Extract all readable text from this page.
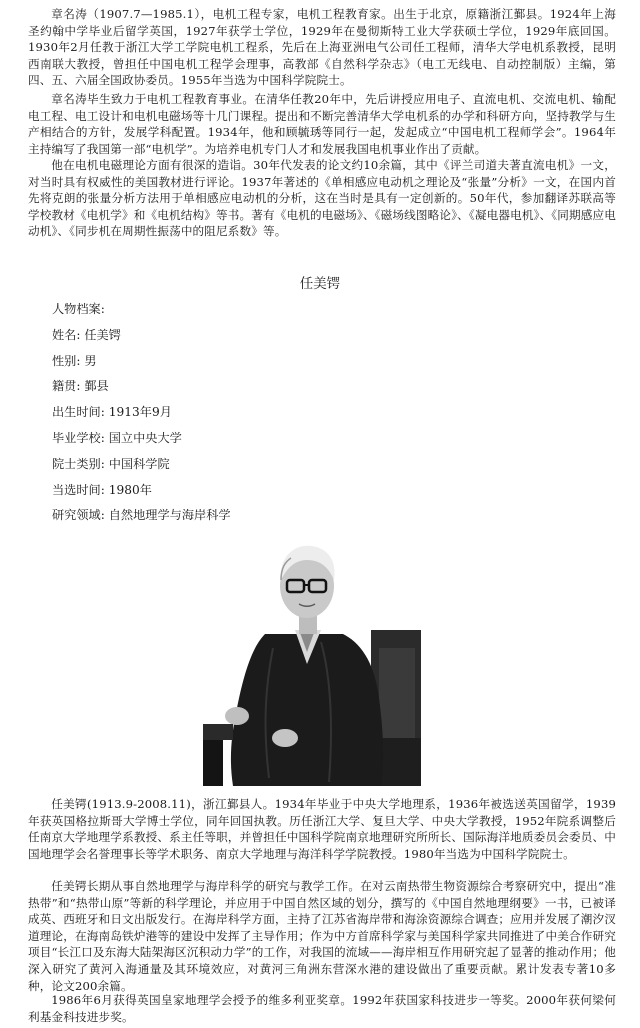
章名涛（1907.7—1985.1），电机工程专家，电机工程教育家。出生于北京，原籍浙江鄞县。1924年上海圣约翰中学毕业后留学英国，1927年获学士学位，1929年在曼彻斯特工业大学获硕士学位，1929年底回国。1930年2月任教于浙江大学工学院电机工程系，先后在上海亚洲电气公司任工程师，清华大学电机系教授，昆明西南联大教授，曾担任中国电机工程学会理事，高教部《自然科学杂志》（电工无线电、自动控制版）主编，第四、五、六届全国政协委员。1955年当选为中国科学院院士。

章名涛毕生致力于电机工程教育事业。在清华任教20年中，先后讲授应用电子、直流电机、交流电机、输配电工程、电工设计和电机电磁场等十几门课程。提出和不断完善清华大学电机系的办学和科研方向，坚持教学与生产相结合的方针，发展学科配置。1934年，他和顾毓琇等同行一起，发起成立“中国电机工程师学会”。1964年主持编写了我国第一部“电机学”。为培养电机专门人才和发展我国电机事业作出了贡献。

他在电机电磁理论方面有很深的造诣。30年代发表的论文约10余篇，其中《评兰司道夫著直流电机》一文，对当时具有权威性的美国教材进行评论。1937年著述的《单相感应电动机之理论及“张量”分析》一文，在国内首先将克朗的张量分析方法用于单相感应电动机的分析，这在当时是具有一定创新的。50年代，参加翻译苏联高等学校教材《电机学》和《电机结构》等书。著有《电机的电磁场》、《磁场线图略论》、《凝电器电机》、《同期感应电动机》、《同步机在周期性振荡中的阻尼系数》等。

任美锷
人物档案:
姓名: 任美锷
性别: 男
籍贯: 鄞县
出生时间: 1913年9月
毕业学校: 国立中央大学
院士类别: 中国科学院
当选时间: 1980年
研究领域: 自然地理学与海岸科学

任美锷(1913.9-2008.11)，浙江鄞县人。1934年毕业于中央大学地理系，1936年被选送英国留学，1939年获英国格拉斯哥大学博士学位，同年回国执教。历任浙江大学、复旦大学、中央大学教授，1952年院系调整后任南京大学地理学系教授、系主任等职，并曾担任中国科学院南京地理研究所所长、国际海洋地质委员会委员、中国地理学会名誉理事长等学术职务、南京大学地理与海洋科学学院教授。1980年当选为中国科学院院士。

任美锷长期从事自然地理学与海岸科学的研究与教学工作。在对云南热带生物资源综合考察研究中，提出“准热带”和“热带山原”等新的科学理论，并应用于中国自然区域的划分，撰写的《中国自然地理纲要》一书，已被译成英、西班牙和日文出版发行。在海岸科学方面，主持了江苏省海岸带和海涂资源综合调查；应用并发展了潮汐汊道理论，在海南岛铁炉港等的建设中发挥了主导作用；作为中方首席科学家与美国科学家共同推进了中美合作研究项目“长江口及东海大陆架海区沉积动力学”的工作，对我国的流域——海岸相互作用研究起了显著的推动作用；他深入研究了黄河入海通量及其环境效应，对黄河三角洲东营深水港的建设做出了重要贡献。累计发表专著10多种，论文200余篇。

1986年6月获得英国皇家地理学会授予的维多利亚奖章。1992年获国家科技进步一等奖。2000年获何梁何利基金科技进步奖。
